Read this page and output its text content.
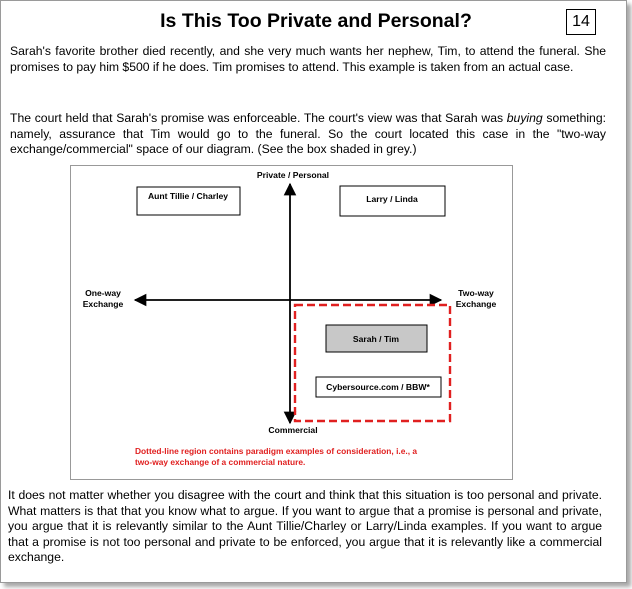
Is This Too Private and Personal?	14
Sarah's favorite brother died recently, and she very much wants her nephew, Tim, to attend the funeral. She promises to pay him $500 if he does. Tim promises to attend. This example is taken from an actual case.
The court held that Sarah's promise was enforceable. The court's view was that Sarah was buying something: namely, assurance that Tim would go to the funeral. So the court located this case in the "two-way exchange/commercial" space of our diagram. (See the box shaded in grey.)
Private / Personal
Commercial
One-way
Exchange
Two-way
Exchange
Aunt Tillie / Charley	Larry / Linda
Sarah / Tim
Cybersource.com / BBW*
Dotted-line region contains paradigm examples of consideration, i.e., a
two-way exchange of a commercial nature.
It does not matter whether you disagree with the court and think that this situation is too personal and private. What matters is that that you know what to argue. If you want to argue that a promise is personal and private, you argue that it is relevantly similar to the Aunt Tillie/Charley or Larry/Linda examples. If you want to argue that a promise is not too personal and private to be enforced, you argue that it is relevantly like a commercial exchange.
